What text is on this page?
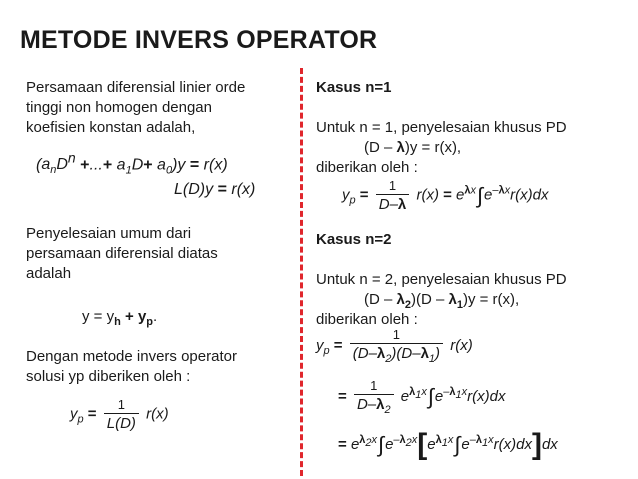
METODE INVERS OPERATOR
Persamaan diferensial linier orde
tinggi non homogen dengan
koefisien konstan adalah,
($a_nD^n$ +...+ $a_1D+ a_0)y = r(x)$
L(D)y = r(x)
Penyelesaian umum dari
persamaan diferensial diatas
adalah
$y = y_h + y_p$.
Dengan metode invers operator
solusi yp diberiken oleh :
$y_p = \frac{1}{L(D)} r(x)$
Kasus n=1
Untuk n = 1, penyelesaian khusus PD
(D – λ)y = r(x),
diberikan oleh :
$y_p = \frac{1}{D-\lambda} r(x) = e^{\lambda x}\int e^{-\lambda x}r(x)dx$
Kasus n=2
Untuk n = 2, penyelesaian khusus PD
$(D - \lambda_2)(D - \lambda_1)y = r(x)$,
diberikan oleh :
$y_p = \frac{1}{(D-\lambda_2)(D-\lambda_1)} r(x)$
= $\frac{1}{D-\lambda_2} e^{\lambda_1x}\int e^{-\lambda_1x}r(x)dx$
= $e^{\lambda_2x}\int e^{-\lambda_2x}[e^{\lambda_1x}\int e^{-\lambda_1x}r(x)dx]dx$
